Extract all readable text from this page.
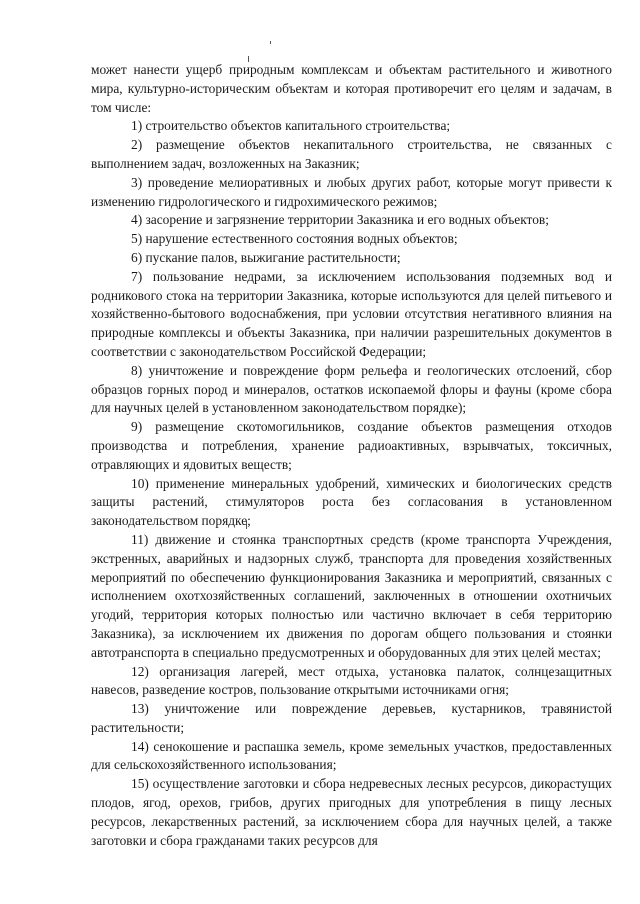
может нанести ущерб природным комплексам и объектам растительного и животного мира, культурно-историческим объектам и которая противоречит его целям и задачам, в том числе:

1) строительство объектов капитального строительства;

2) размещение объектов некапитального строительства, не связанных с выполнением задач, возложенных на Заказник;

3) проведение мелиоративных и любых других работ, которые могут привести к изменению гидрологического и гидрохимического режимов;

4) засорение и загрязнение территории Заказника и его водных объектов;

5) нарушение естественного состояния водных объектов;

6) пускание палов, выжигание растительности;

7) пользование недрами, за исключением использования подземных вод и родникового стока на территории Заказника, которые используются для целей питьевого и хозяйственно-бытового водоснабжения, при условии отсутствия негативного влияния на природные комплексы и объекты Заказника, при наличии разрешительных документов в соответствии с законодательством Российской Федерации;

8) уничтожение и повреждение форм рельефа и геологических отслоений, сбор образцов горных пород и минералов, остатков ископаемой флоры и фауны (кроме сбора для научных целей в установленном законодательством порядке);

9) размещение скотомогильников, создание объектов размещения отходов производства и потребления, хранение радиоактивных, взрывчатых, токсичных, отравляющих и ядовитых веществ;

10) применение минеральных удобрений, химических и биологических средств защиты растений, стимуляторов роста без согласования в установленном законодательством порядке;

11) движение и стоянка транспортных средств (кроме транспорта Учреждения, экстренных, аварийных и надзорных служб, транспорта для проведения хозяйственных мероприятий по обеспечению функционирования Заказника и мероприятий, связанных с исполнением охотхозяйственных соглашений, заключенных в отношении охотничьих угодий, территория которых полностью или частично включает в себя территорию Заказника), за исключением их движения по дорогам общего пользования и стоянки автотранспорта в специально предусмотренных и оборудованных для этих целей местах;

12) организация лагерей, мест отдыха, установка палаток, солнцезащитных навесов, разведение костров, пользование открытыми источниками огня;

13) уничтожение или повреждение деревьев, кустарников, травянистой растительности;

14) сенокошение и распашка земель, кроме земельных участков, предоставленных для сельскохозяйственного использования;

15) осуществление заготовки и сбора недревесных лесных ресурсов, дикорастущих плодов, ягод, орехов, грибов, других пригодных для употребления в пищу лесных ресурсов, лекарственных растений, за исключением сбора для научных целей, а также заготовки и сбора гражданами таких ресурсов для
